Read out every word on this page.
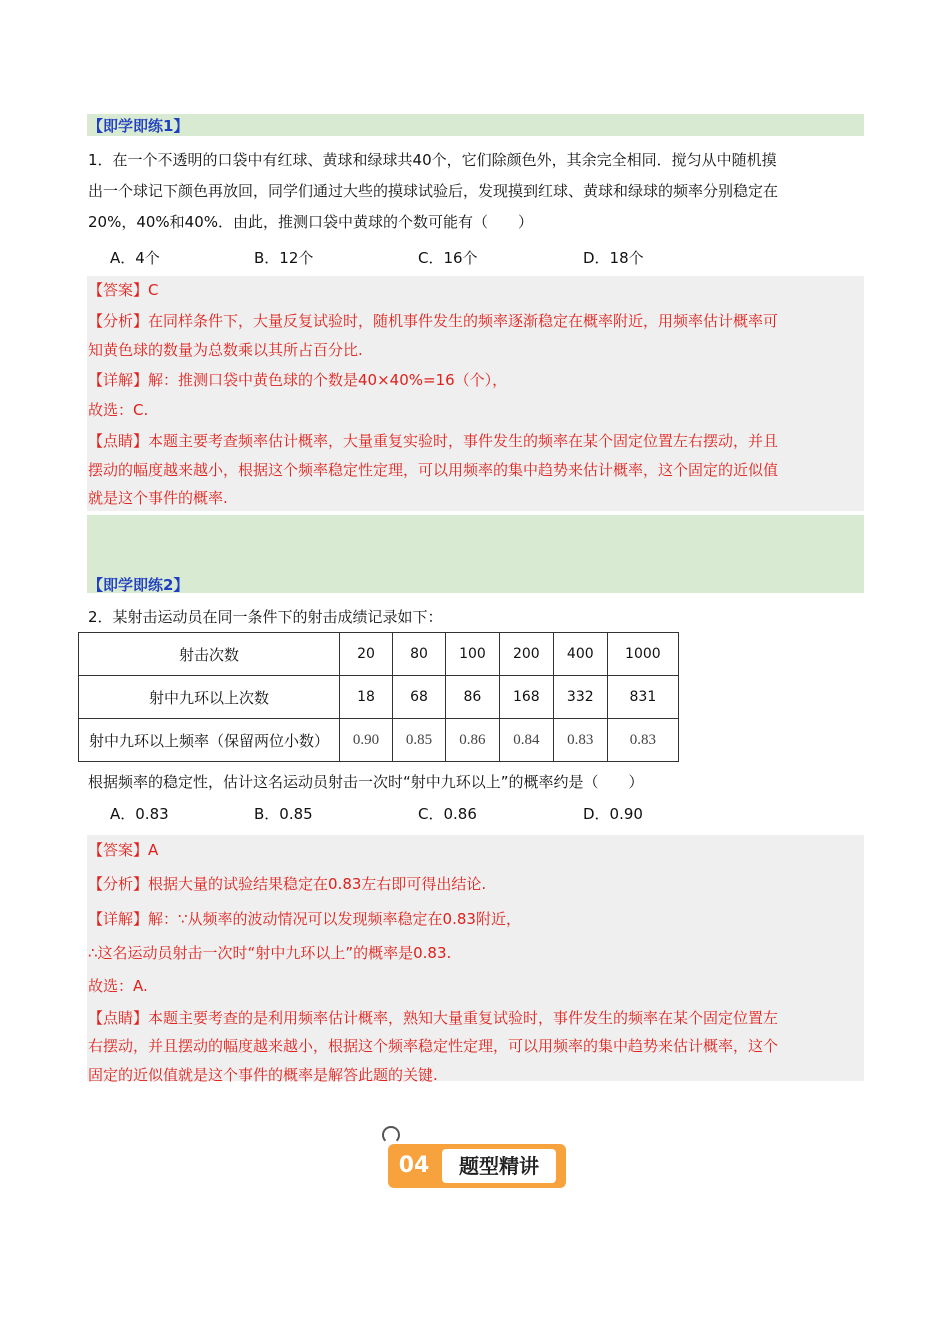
【即学即练1】
1．在一个不透明的口袋中有红球、黄球和绿球共40个，它们除颜色外，其余完全相同．搅匀从中随机摸
出一个球记下颜色再放回，同学们通过大些的摸球试验后，发现摸到红球、黄球和绿球的频率分别稳定在
20%，40%和40%．由此，推测口袋中黄球的个数可能有（　　）
A．4个	B．12个	C．16个	D．18个
【答案】C
【分析】在同样条件下，大量反复试验时，随机事件发生的频率逐渐稳定在概率附近，用频率估计概率可
知黄色球的数量为总数乘以其所占百分比.
【详解】解：推测口袋中黄色球的个数是40×40%=16（个），
故选：C.
【点睛】本题主要考查频率估计概率，大量重复实验时，事件发生的频率在某个固定位置左右摆动，并且
摆动的幅度越来越小，根据这个频率稳定性定理，可以用频率的集中趋势来估计概率，这个固定的近似值
就是这个事件的概率.
【即学即练2】
2．某射击运动员在同一条件下的射击成绩记录如下：
射击次数	20	80	100	200	400	1000
射中九环以上次数	18	68	86	168	332	831
射中九环以上频率（保留两位小数）	0.90	0.85	0.86	0.84	0.83	0.83
根据频率的稳定性，估计这名运动员射击一次时“射中九环以上”的概率约是（　　）
A．0.83	B．0.85	C．0.86	D．0.90
【答案】A
【分析】根据大量的试验结果稳定在0.83左右即可得出结论.
【详解】解：∵从频率的波动情况可以发现频率稳定在0.83附近，
∴这名运动员射击一次时“射中九环以上”的概率是0.83.
故选：A.
【点睛】本题主要考查的是利用频率估计概率，熟知大量重复试验时，事件发生的频率在某个固定位置左
右摆动，并且摆动的幅度越来越小，根据这个频率稳定性定理，可以用频率的集中趋势来估计概率，这个
固定的近似值就是这个事件的概率是解答此题的关键.
04	题型精讲
